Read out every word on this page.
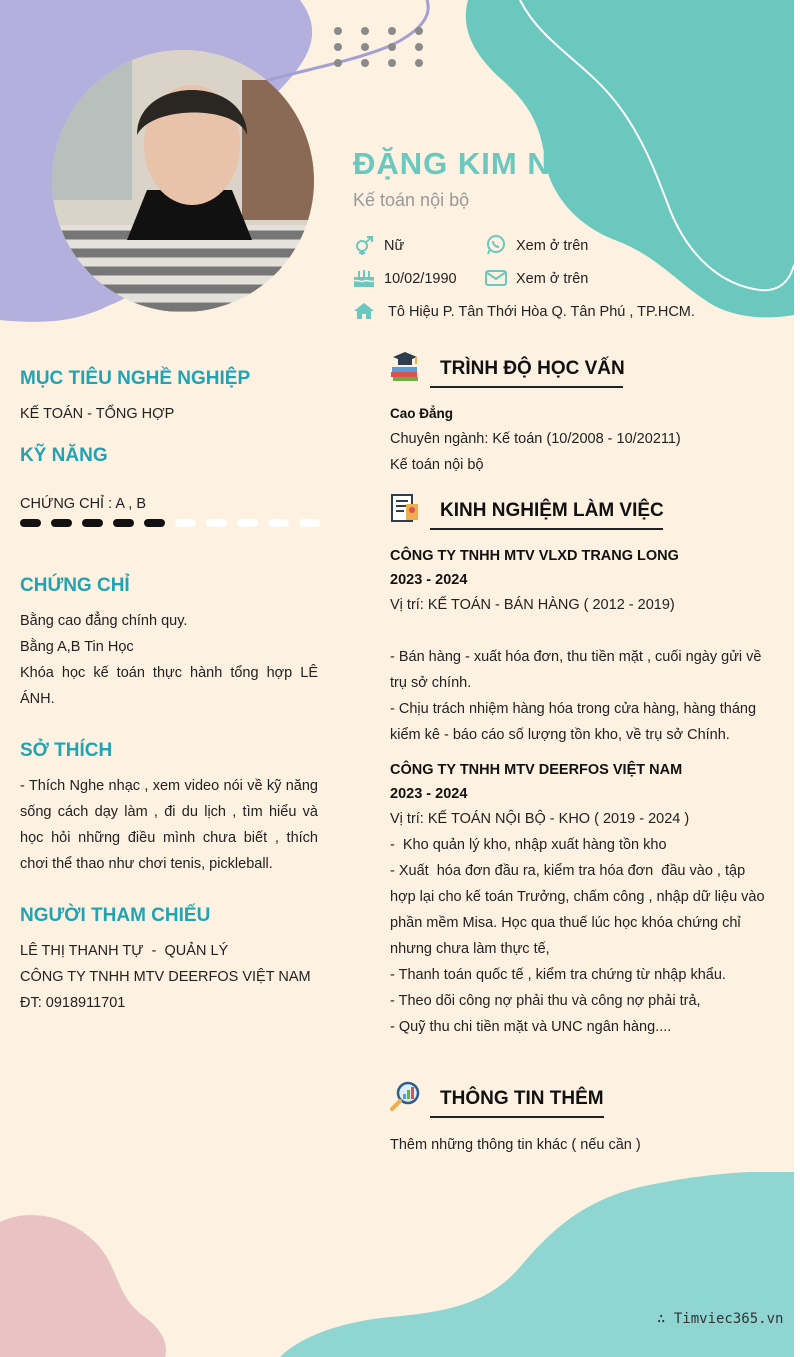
ĐẶNG KIM NGỌC
Kế toán nội bộ
Nữ	Xem ở trên
10/02/1990	Xem ở trên
Tô Hiệu P. Tân Thới Hòa Q. Tân Phú , TP.HCM.
MỤC TIÊU NGHỀ NGHIỆP
KẾ TOÁN - TỔNG HỢP
KỸ NĂNG
CHỨNG CHỈ : A , B
CHỨNG CHỈ
Bằng cao đẳng chính quy.
Bằng A,B Tin Học
Khóa học kế toán thực hành tổng hợp LÊ ÁNH.
SỞ THÍCH
- Thích Nghe nhạc , xem video nói về kỹ năng sống cách dạy làm , đi du lịch , tìm hiểu và học hỏi những điều mình chưa biết , thích chơi thể thao như chơi tenis, pickleball.
NGƯỜI THAM CHIẾU
LÊ THỊ THANH TỰ  -  QUẢN LÝ
CÔNG TY TNHH MTV DEERFOS VIỆT NAM
ĐT: 0918911701
TRÌNH ĐỘ HỌC VẤN
Cao Đẳng
Chuyên ngành: Kế toán (10/2008 - 10/20211)
Kế toán nội bộ
KINH NGHIỆM LÀM VIỆC
CÔNG TY TNHH MTV VLXD TRANG LONG
2023 - 2024
Vị trí: KẾ TOÁN - BÁN HÀNG ( 2012 - 2019)
- Bán hàng - xuất hóa đơn, thu tiền mặt , cuối ngày gửi về trụ sở chính.
- Chịu trách nhiệm hàng hóa trong cửa hàng, hàng tháng kiểm kê - báo cáo số lượng tồn kho, về trụ sở Chính.
CÔNG TY TNHH MTV DEERFOS VIỆT NAM
2023 - 2024
Vị trí: KẾ TOÁN NỘI BỘ - KHO ( 2019 - 2024 )
-  Kho quản lý kho, nhập xuất hàng tồn kho
- Xuất  hóa đơn đầu ra, kiểm tra hóa đơn  đầu vào , tập hợp lại cho kế toán Trưởng, chấm công , nhập dữ liệu vào phần mềm Misa. Học qua thuế lúc học khóa chứng chỉ nhưng chưa làm thực tế,
- Thanh toán quốc tế , kiểm tra chứng từ nhập khẩu.
- Theo dõi công nợ phải thu và công nợ phải trả,
- Quỹ thu chi tiền mặt và UNC ngân hàng....
THÔNG TIN THÊM
Thêm những thông tin khác ( nếu cần )
∴ Timviec365.vn
